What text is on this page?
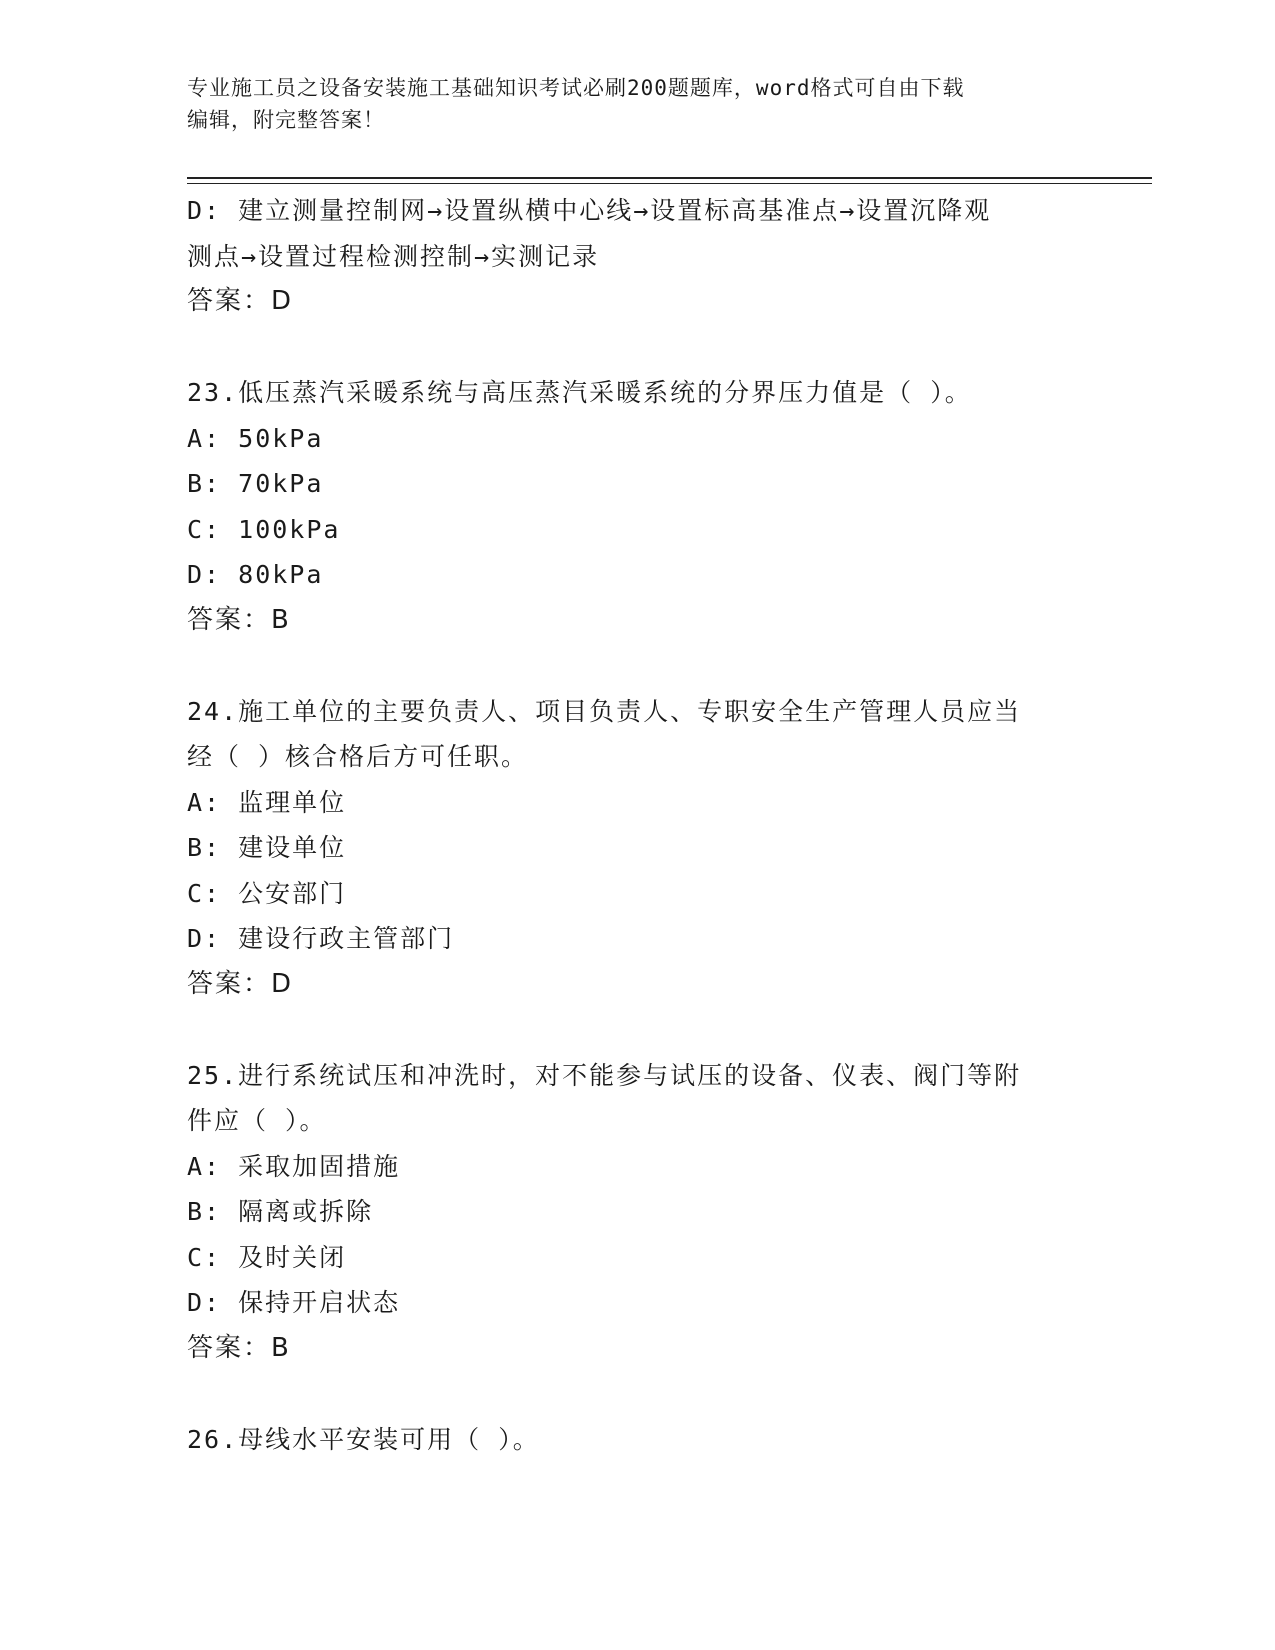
专业施工员之设备安装施工基础知识考试必刷200题题库，word格式可自由下载
编辑，附完整答案！
D: 建立测量控制网→设置纵横中心线→设置标高基准点→设置沉降观
测点→设置过程检测控制→实测记录
答案：D
23.低压蒸汽采暖系统与高压蒸汽采暖系统的分界压力值是（ ）。
A: 50kPa
B: 70kPa
C: 100kPa
D: 80kPa
答案：B
24.施工单位的主要负责人、项目负责人、专职安全生产管理人员应当
经（ ）核合格后方可任职。
A: 监理单位
B: 建设单位
C: 公安部门
D: 建设行政主管部门
答案：D
25.进行系统试压和冲洗时，对不能参与试压的设备、仪表、阀门等附
件应（ ）。
A: 采取加固措施
B: 隔离或拆除
C: 及时关闭
D: 保持开启状态
答案：B
26.母线水平安装可用（ ）。
